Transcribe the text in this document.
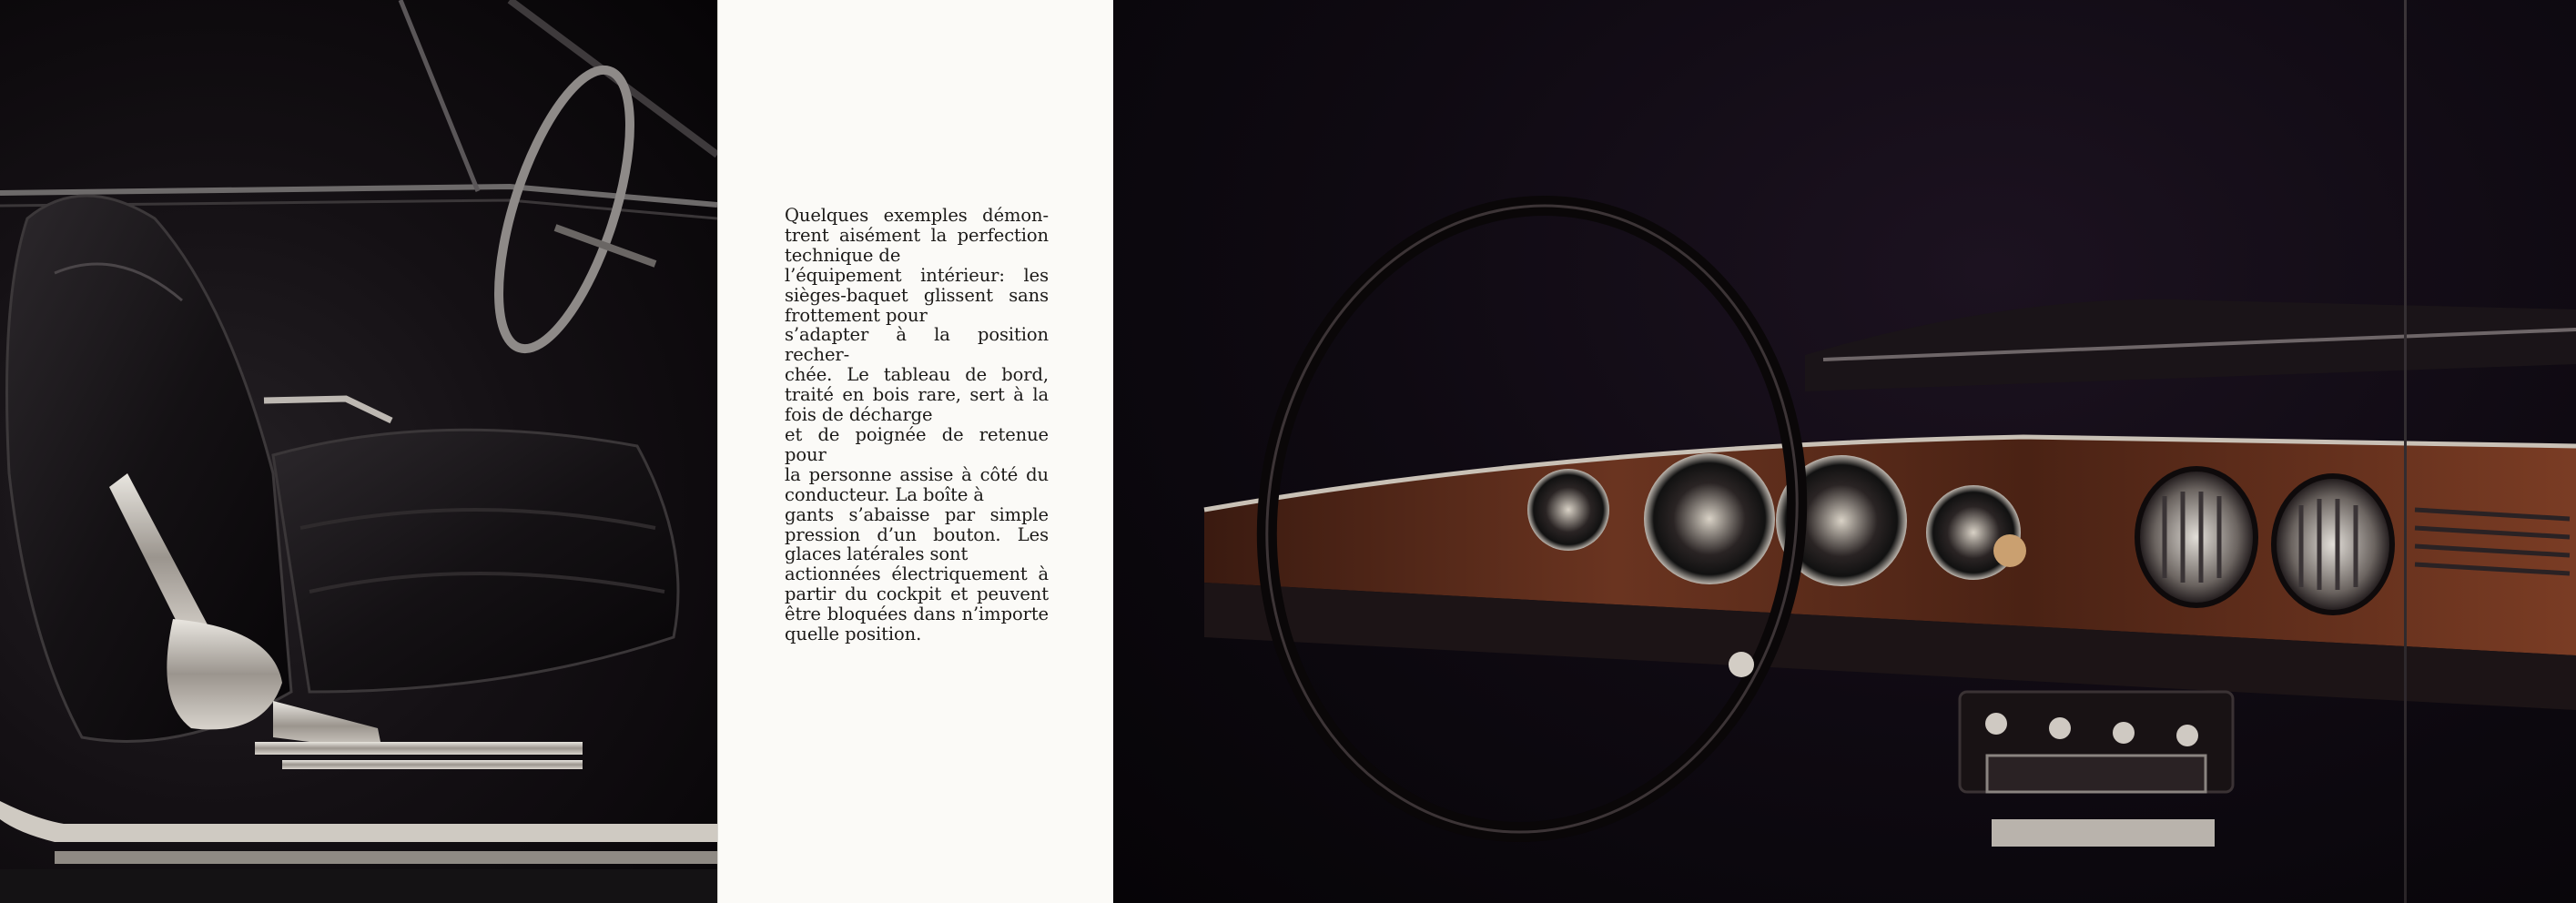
Quelques exemples démon-
trent aisément la perfection
technique de
l’équipement intérieur: les
sièges-baquet glissent sans
frottement pour
s’adapter à la position recher-
chée. Le tableau de bord,
traité en bois rare, sert à la
fois de décharge
et de poignée de retenue pour
la personne assise à côté du
conducteur. La boîte à
gants s’abaisse par simple
pression d’un bouton. Les
glaces latérales sont
actionnées électriquement à
partir du cockpit et peuvent
être bloquées dans n’importe
quelle position.
